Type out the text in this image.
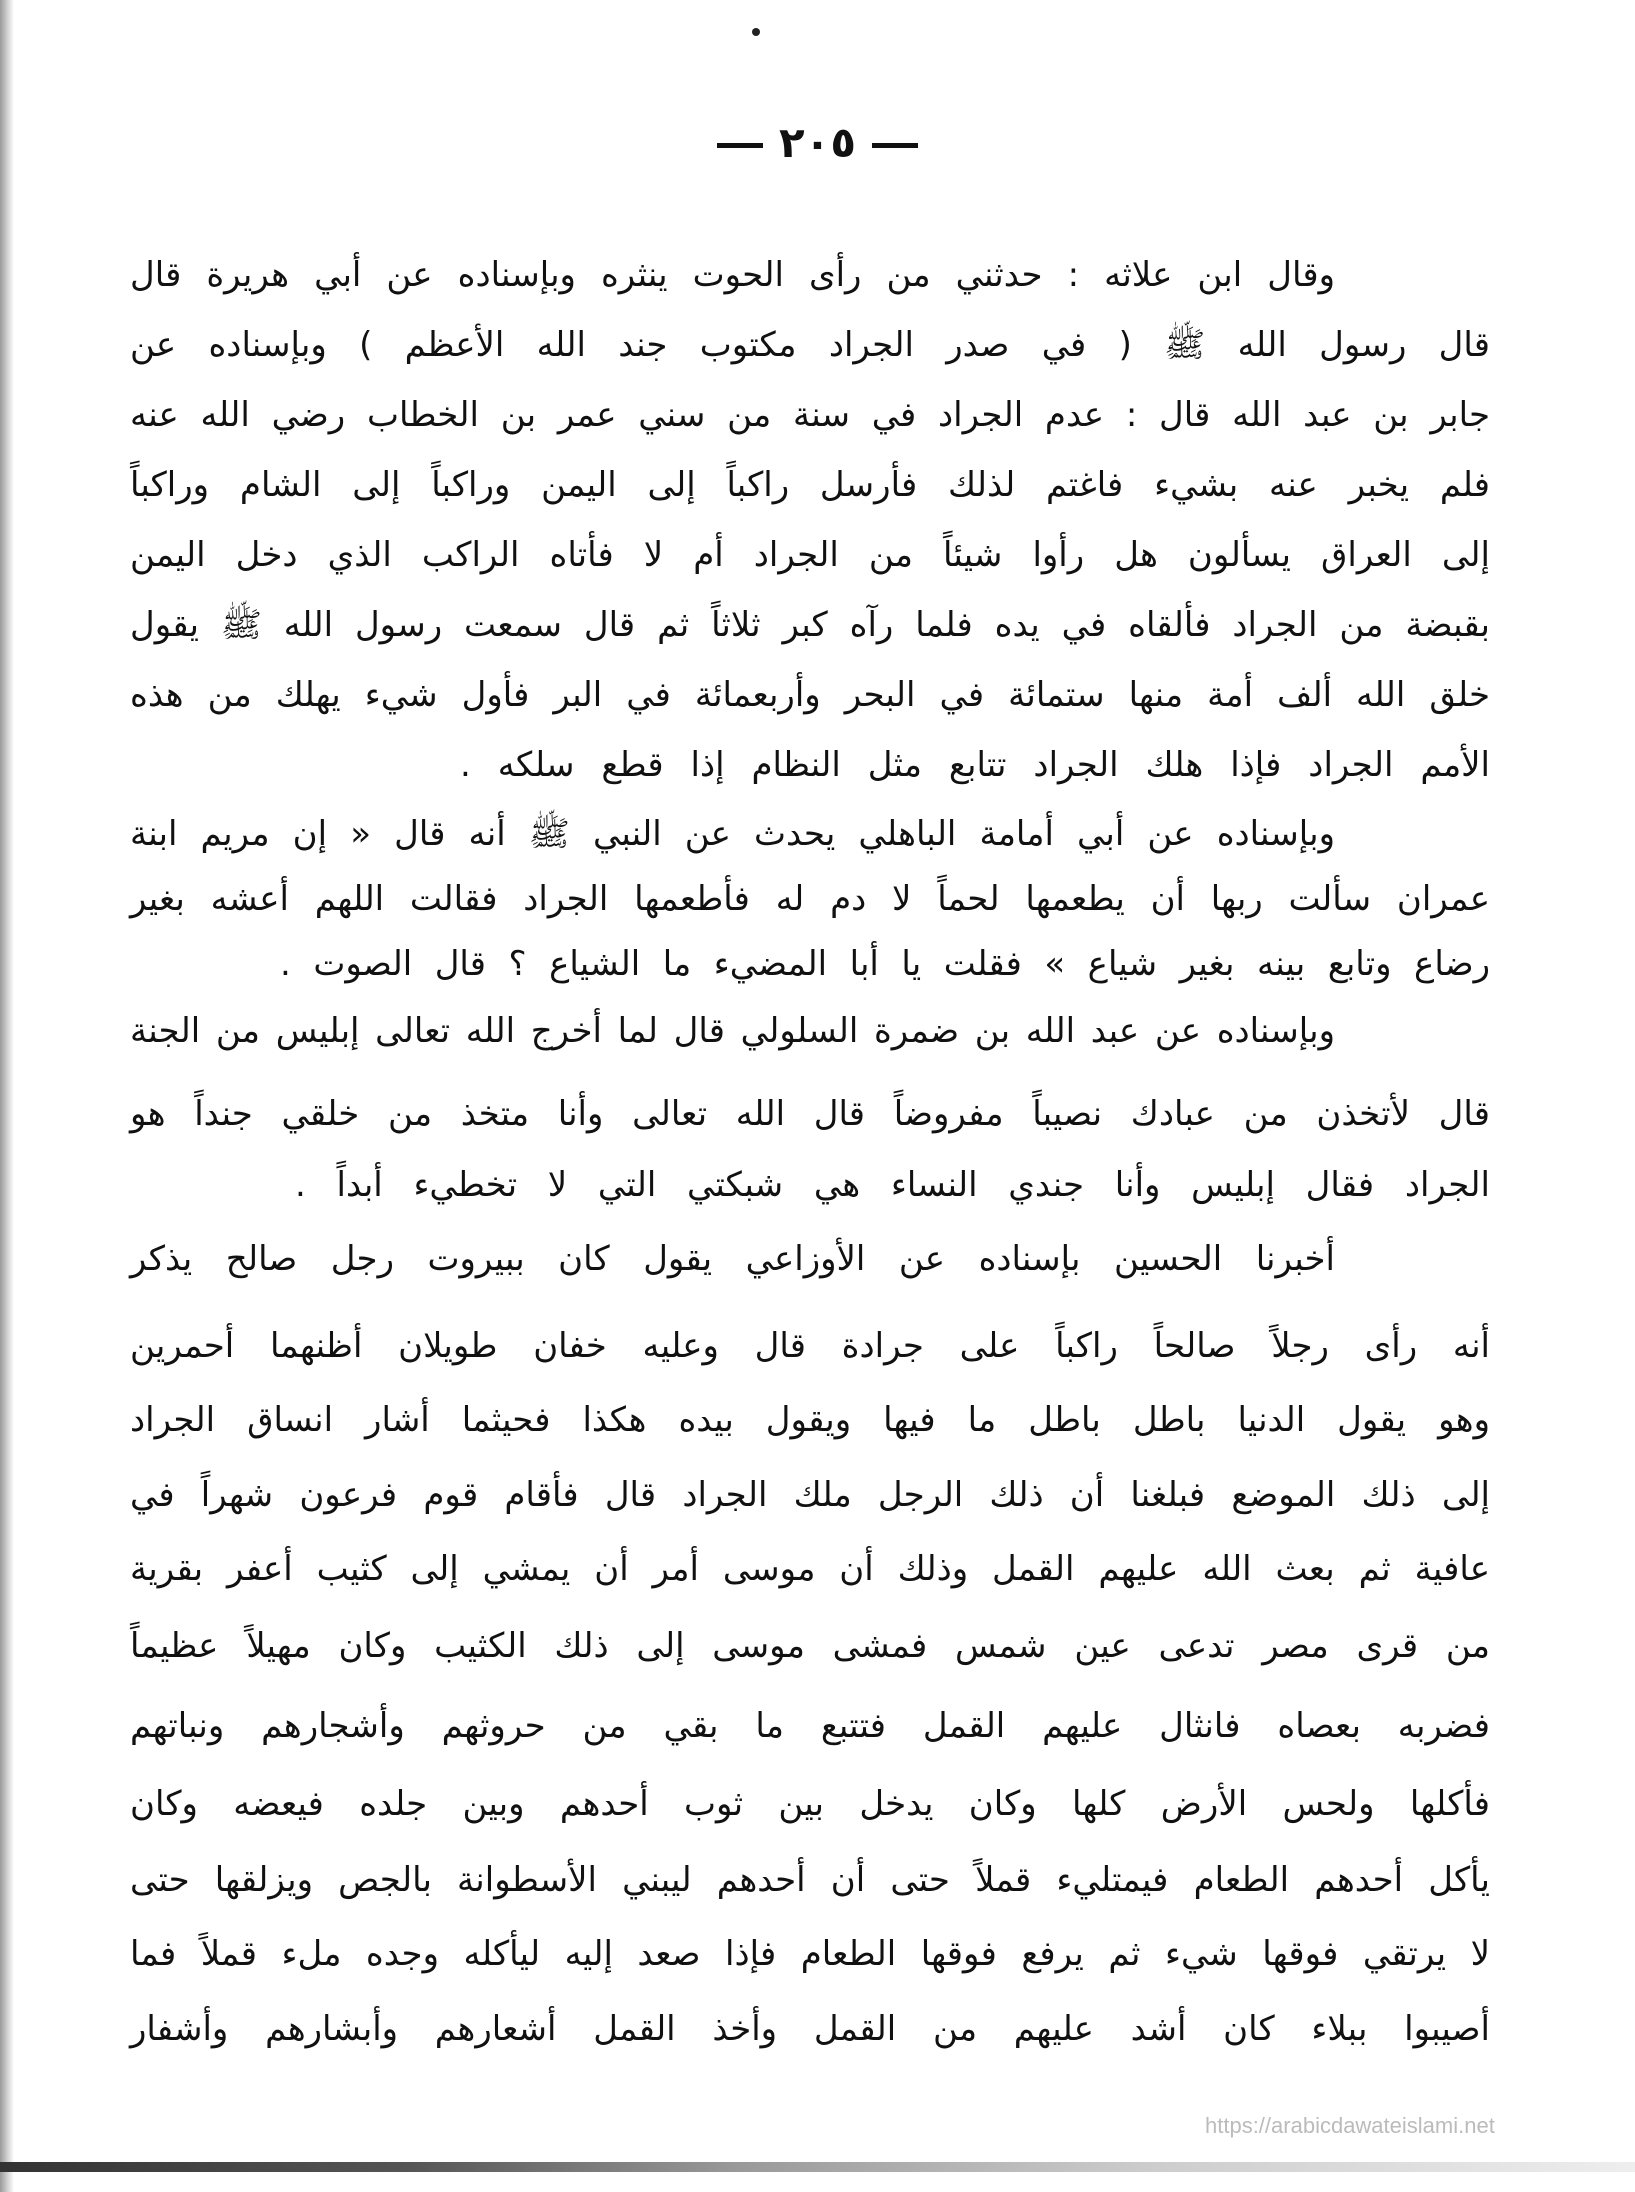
٢٠٥
وقال ابن علاثه : حدثني من رأى الحوت ينثره وبإسناده عن أبي هريرة قال
قال رسول الله ﷺ ( في صدر الجراد مكتوب جند الله الأعظم ) وبإسناده عن
جابر بن عبد الله قال : عدم الجراد في سنة من سني عمر بن الخطاب رضي الله عنه
فلم يخبر عنه بشيء فاغتم لذلك فأرسل راكباً إلى اليمن وراكباً إلى الشام وراكباً
إلى العراق يسألون هل رأوا شيئاً من الجراد أم لا فأتاه الراكب الذي دخل اليمن
بقبضة من الجراد فألقاه في يده فلما رآه كبر ثلاثاً ثم قال سمعت رسول الله ﷺ يقول
خلق الله ألف أمة منها ستمائة في البحر وأربعمائة في البر فأول شيء يهلك من هذه
الأمم الجراد فإذا هلك الجراد تتابع مثل النظام إذا قطع سلكه .
وبإسناده عن أبي أمامة الباهلي يحدث عن النبي ﷺ أنه قال « إن مريم ابنة
عمران سألت ربها أن يطعمها لحماً لا دم له فأطعمها الجراد فقالت اللهم أعشه بغير
رضاع وتابع بينه بغير شياع » فقلت يا أبا المضيء ما الشياع ؟ قال الصوت .
وبإسناده عن عبد الله بن ضمرة السلولي قال لما أخرج الله تعالى إبليس من الجنة
قال لأتخذن من عبادك نصيباً مفروضاً قال الله تعالى وأنا متخذ من خلقي جنداً هو
الجراد فقال إبليس وأنا جندي النساء هي شبكتي التي لا تخطيء أبداً .
أخبرنا الحسين بإسناده عن الأوزاعي يقول كان ببيروت رجل صالح يذكر
أنه رأى رجلاً صالحاً راكباً على جرادة قال وعليه خفان طويلان أظنهما أحمرين
وهو يقول الدنيا باطل باطل ما فيها ويقول بيده هكذا فحيثما أشار انساق الجراد
إلى ذلك الموضع فبلغنا أن ذلك الرجل ملك الجراد قال فأقام قوم فرعون شهراً في
عافية ثم بعث الله عليهم القمل وذلك أن موسى أمر أن يمشي إلى كثيب أعفر بقرية
من قرى مصر تدعى عين شمس فمشى موسى إلى ذلك الكثيب وكان مهيلاً عظيماً
فضربه بعصاه فانثال عليهم القمل فتتبع ما بقي من حروثهم وأشجارهم ونباتهم
فأكلها ولحس الأرض كلها وكان يدخل بين ثوب أحدهم وبين جلده فيعضه وكان
يأكل أحدهم الطعام فيمتليء قملاً حتى أن أحدهم ليبني الأسطوانة بالجص ويزلقها حتى
لا يرتقي فوقها شيء ثم يرفع فوقها الطعام فإذا صعد إليه ليأكله وجده ملء قملاً فما
أصيبوا ببلاء كان أشد عليهم من القمل وأخذ القمل أشعارهم وأبشارهم وأشفار
https://arabicdawateislami.net
